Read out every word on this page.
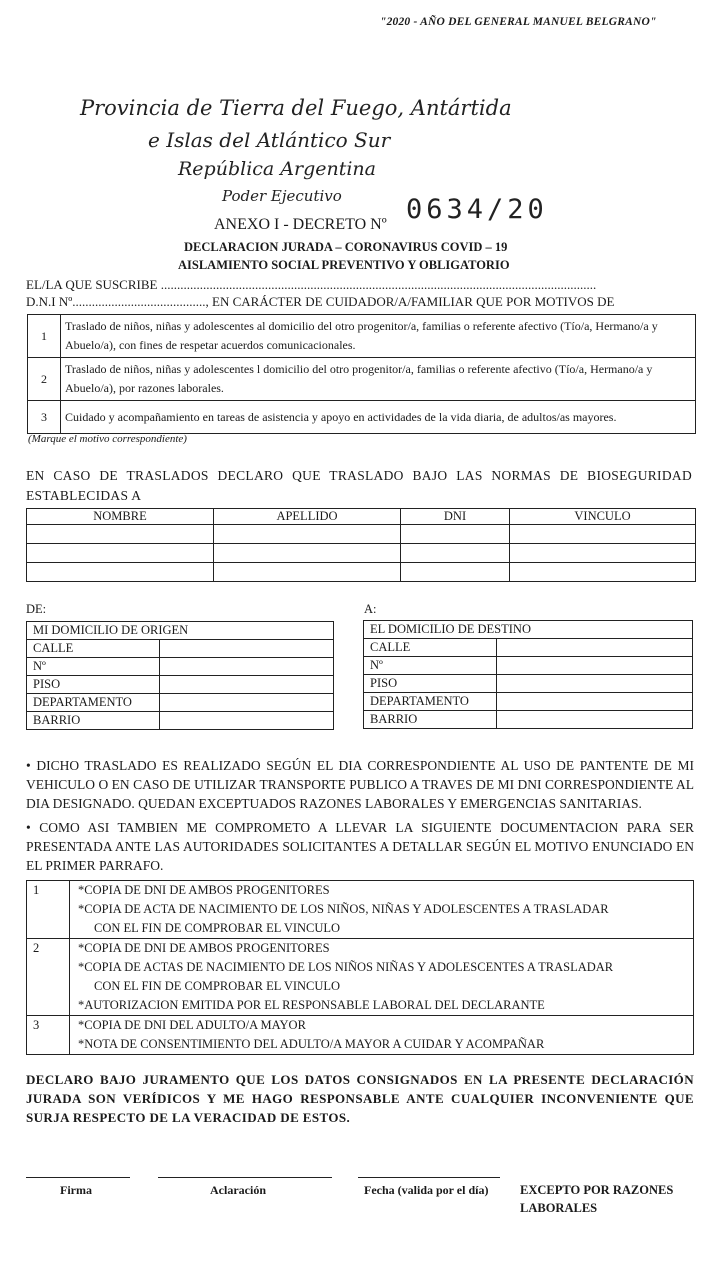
"2020 - AÑO DEL GENERAL MANUEL BELGRANO"
Provincia de Tierra del Fuego, Antártida
e Islas del Atlántico Sur
República Argentina
Poder Ejecutivo
ANEXO I - DECRETO Nº 0634/20
DECLARACION JURADA – CORONAVIRUS COVID – 19
AISLAMIENTO SOCIAL PREVENTIVO Y OBLIGATORIO
EL/LA QUE SUSCRIBE ......................................................................................................................................
D.N.I Nº........................................., EN CARÁCTER DE CUIDADOR/A/FAMILIAR QUE POR MOTIVOS DE
1	Traslado de niños, niñas y adolescentes al domicilio del otro progenitor/a, familias o referente afectivo (Tío/a, Hermano/a y Abuelo/a), con fines de respetar acuerdos comunicacionales.
2	Traslado de niños, niñas y adolescentes l domicilio del otro progenitor/a, familias o referente afectivo (Tío/a, Hermano/a y Abuelo/a), por razones laborales.
3	Cuidado y acompañamiento en tareas de asistencia y apoyo en actividades de la vida diaria, de adultos/as mayores.
(Marque el motivo correspondiente)
EN CASO DE TRASLADOS DECLARO QUE TRASLADO BAJO LAS NORMAS DE BIOSEGURIDAD ESTABLECIDAS A
NOMBRE	APELLIDO	DNI	VINCULO

DE:	A:
MI DOMICILIO DE ORIGEN	
CALLE	
Nº	
PISO	
DEPARTAMENTO	
BARRIO	
EL DOMICILIO DE DESTINO	
CALLE	
Nº	
PISO	
DEPARTAMENTO	
BARRIO	
• DICHO TRASLADO ES REALIZADO SEGÚN EL DIA CORRESPONDIENTE AL USO DE PANTENTE DE MI VEHICULO O EN CASO DE UTILIZAR TRANSPORTE PUBLICO A TRAVES DE MI DNI CORRESPONDIENTE AL DIA DESIGNADO. QUEDAN EXCEPTUADOS RAZONES LABORALES Y EMERGENCIAS SANITARIAS.
• COMO ASI TAMBIEN ME COMPROMETO A LLEVAR LA SIGUIENTE DOCUMENTACION PARA SER PRESENTADA ANTE LAS AUTORIDADES SOLICITANTES A DETALLAR SEGÚN EL MOTIVO ENUNCIADO EN EL PRIMER PARRAFO.
1	*COPIA DE DNI DE AMBOS PROGENITORES
*COPIA DE ACTA DE NACIMIENTO DE LOS NIÑOS, NIÑAS Y ADOLESCENTES A TRASLADAR
CON EL FIN DE COMPROBAR EL VINCULO

2	*COPIA DE DNI DE AMBOS PROGENITORES
*COPIA DE ACTAS DE NACIMIENTO DE LOS NIÑOS NIÑAS Y ADOLESCENTES A TRASLADAR
CON EL FIN DE COMPROBAR EL VINCULO
*AUTORIZACION EMITIDA POR EL RESPONSABLE LABORAL DEL DECLARANTE

3	*COPIA DE DNI DEL ADULTO/A MAYOR
*NOTA DE CONSENTIMIENTO DEL ADULTO/A MAYOR A CUIDAR Y ACOMPAÑAR
DECLARO BAJO JURAMENTO QUE LOS DATOS CONSIGNADOS EN LA PRESENTE DECLARACIÓN JURADA SON VERÍDICOS Y ME HAGO RESPONSABLE ANTE CUALQUIER INCONVENIENTE QUE SURJA RESPECTO DE LA VERACIDAD DE ESTOS.
Firma	Aclaración	Fecha (valida por el día)	EXCEPTO POR RAZONES
LABORALES
